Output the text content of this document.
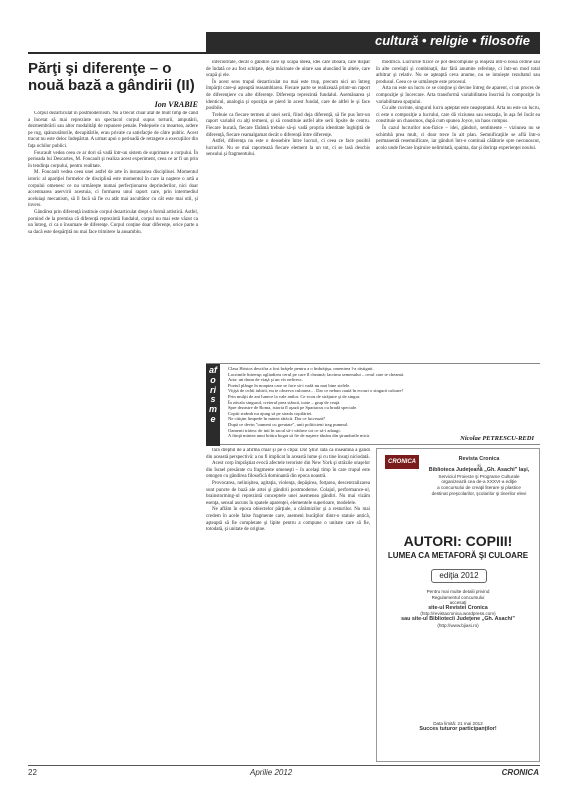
cultură • religie • filosofie
Părţi şi diferenţe – o nouă bază a gândirii (II)
Ion VRABIE

Corpul dezarticulat în postmodernism. Nu a trecut chiar atât de mult timp de când a încetat să mai reprezinte un spectacol corpul supus torturii, amputării, dezmembrării sau altor modalităţi de repunere penale. Pedepsele cu moartea, ardere pe rug, spânzurătorile, decapitările, erau private ca satisfacţie de către public. Acest tracut nu este deloc îndepărtat. A urmat apoi o perioadă de retragere a execuţiilor din faţa ochilor publici.

Foucault vedea ceea ce ar dori să vadă într-un sistem de suprimare a corpului. În perioada lui Descartes, M. Foucault şi realiza acest experiment, ceea ce ar fi un prin în tendinţa corpului, pentru realitate.

M. Foucault vedea ceea unei astfel de arte în instaurarea disciplinei. Momentul istoric al apariţiei formelor de disciplină este momentul în care ia naştere o artă a corpului omenesc ce nu urmăreşte numai perfecţionarea deprinderilor, nici doar accentuarea aservirii acestuia, ci formarea unui raport care, prin intermediul aceluiaşi mecanism, să îl facă să fie cu atât mai ascultător cu cât este mai util, şi invers.

Gândirea prin diferenţă instituie corpul dezarticulat drept o formă artistică. Astfel, pornind de la premisa că diferenţă reprezintă fundalul, corpul nu mai este văzut ca un întreg, ci ca o însumare de diferenţe. Corpul conţine doar diferenţe, orice parte a sa dacă este despărţită nu mai face trimitere la ansamblu.

inferioritate, decât o gândire care îşi scapă ideea, idei care zboară, care dispar de îndată ce au fost schiţate, deja măcinate de uitare sau aluncând în altele, care scapă şi ele.

În acest sens trupul dezarticulat nu mai este trup, precum nici un întreg împărţit care-şi aşteaptă reasamblarea. Fiecare parte se realizează printr-un raport de diferenţiere cu alte diferenţe. Diferenţa reprezintă fundalul. Asemănarea şi identicul, analogia şi opoziţia se pierd în acest fundal, care de altfel le şi face posibile.

Trebuie ca fiecare termen al unei serii, fiind deja diferenţă, să fie pus într-un raport variabil cu alţi termeni, şi să constituie astfel alte serii lipsite de centru. Fiecare bucată, fiecare fărâmă trebuie să-şi vadă propria identitate înghiţită de diferenţă, fiecare reamalgamat decât o diferenţă între diferenţe.

Astfel, diferenţa nu este o deosebire între lucruri, ci ceea ce face posibil lucrurile. Nu se mai raportează fiecare element la un tot, ci se lasă deschis sensului şi fragmentului.

modifica. Lucrurile fizice ce pot descompune şi reaşeza într-o nouă ordine sau în alte corelaţii şi combinaţii, dar fără anumite referinţe, ci într-un mod total arbitrar şi relativ. Nu se aşteaptă ceva anume, nu se intuieşte rezultatul sau produsul. Ceea ce se urmăreşte este procesul.

Arta nu este un lucru ce se conţine şi devine întreg de aparent, ci un proces de compoziţie şi încercare. Arta transformă variabilitatea înscrisă în compoziţie în variabilitatea spaţiului.

Cu alte cuvinte, singurul lucru aşteptat este neaşteptatul. Arta nu este un lucru, ci este o compoziţie a lucrului, care dă viziunea sau senzaţia, în aşa fel încât ea constituie un chaosmos, după cum spunea Joyce, un haos compus.

În cazul lucrurilor non-fizice – idei, gânduri, sentimente – viziunea nu se schimbă prea mult, ci doar trece în alt plan. Semnificaţiile se află într-o permanentă resemnificare, iar gânduri într-o continuă călătorie spre necunoscut, acolo unde fiecare înşiruire nelimitată, spaima, dar şi dorinţa experienţei noului.

aforisme
Clasa Hristos descifra a fost brăţele pentru a o îmbrăţişa, omenirea l-a răstignit.
Lacrimile întrerup ogliadirea cerul pe care îl cheamă; lacrima semenului – cerul care te cheamă.
Arta: un drum de viaţă şi un vis nefiresc.
Poetul plânge în noaptea care se face să-i vadă nu mai bine stelele.
Viţişă de ochii iubirii, nu te observa culoarea… Dar ce nebun caută în ecouri o singură culoare!
Prin mulţii de ani lunece la vale anilor. Ce ecou de străjuire şi de singur.
În zăvala singurul, creierul prea stâncă, toate – grup de ceaţă.
Spre dezastre de Roma, istoria îl aşază pe Spartacus cu bradă speciale.
Copiii strâmb nu ajung să pe strada copilăriei.
Ne citiţim limpede în minea rătăcit. Dar ce lucrează?
După ce devin "oameni cu greutate", unii politicieni trag pumnul.
Oamenii trăiesc de inti în sacul să-i văduve tot ce să-i adaugi.
A fiinţă mintea unui brătra bogat să fie de naştere tânăra din ştrandurile mică.	Nicolae PETRESCU-REDI

fără dreptul de a afirma chiar şi pe o clipă: Da! Ştiu! Iată că înseamnă a gândi din această perspectivă: a nu fi implicat în această lume şi cu tine însuţi niciodată.

Acest corp împrăştiat evocă afectele teroriste din New York şi străzile oraşelor din Israel presărate cu fragmente omeneşti – în acelaşi timp în care trupul este omogen cu gândirea filosofică dominantă din epoca noastră.

Provocarea, nelinişitea, agitaţia, violenţa, depăşirea, forţarea, descentralizarea sunt puncte de bază ale artei şi gândirii postmoderne. Colajul, performance-ul, brainstorming-ul reprezintă conceptele unei asemenea gândiri. Nu mai vizăm esenţa, sensul ascuns în spatele aparenţei, elementele superioare, modelele.

Ne aflăm în epoca obiectelor părţiale, a cărămizilor şi a resturilor. Nu mai credem în acele false fragmente care, asemeni bucăţilor dintr-o statuie antică, aşteaptă să fie completate şi lipite pentru a compune o unitate care să fie, totodată, şi unitate de origine.

CRONICA	Revista Cronica
şi
Biblioteca Judeţeană „Gh. Asachi" Iaşi,
Serviciul Proiecte şi Programe Culturale
organizează cea de-a XXXVI-a ediţie
a concursului de creaţii literare şi plastice
destinat preşcolarilor, şcolarilor şi tinerilor elevi
AUTORI: COPIII!
LUMEA CA METAFORĂ ŞI CULOARE
ediţia 2012
Pentru mai multe detalii privind
Regulamentul concursului
accesaţi
site-ul Revistei Cronica
(http://revistacronica.wordpress.com)
sau site-ul Bibliotecii Judeţene „Gh. Asachi"
(http://www.bjiasi.ro)
Data limită: 21 mai 2012
Succes tuturor participanţilor!
22	Aprilie 2012	CRONICA
